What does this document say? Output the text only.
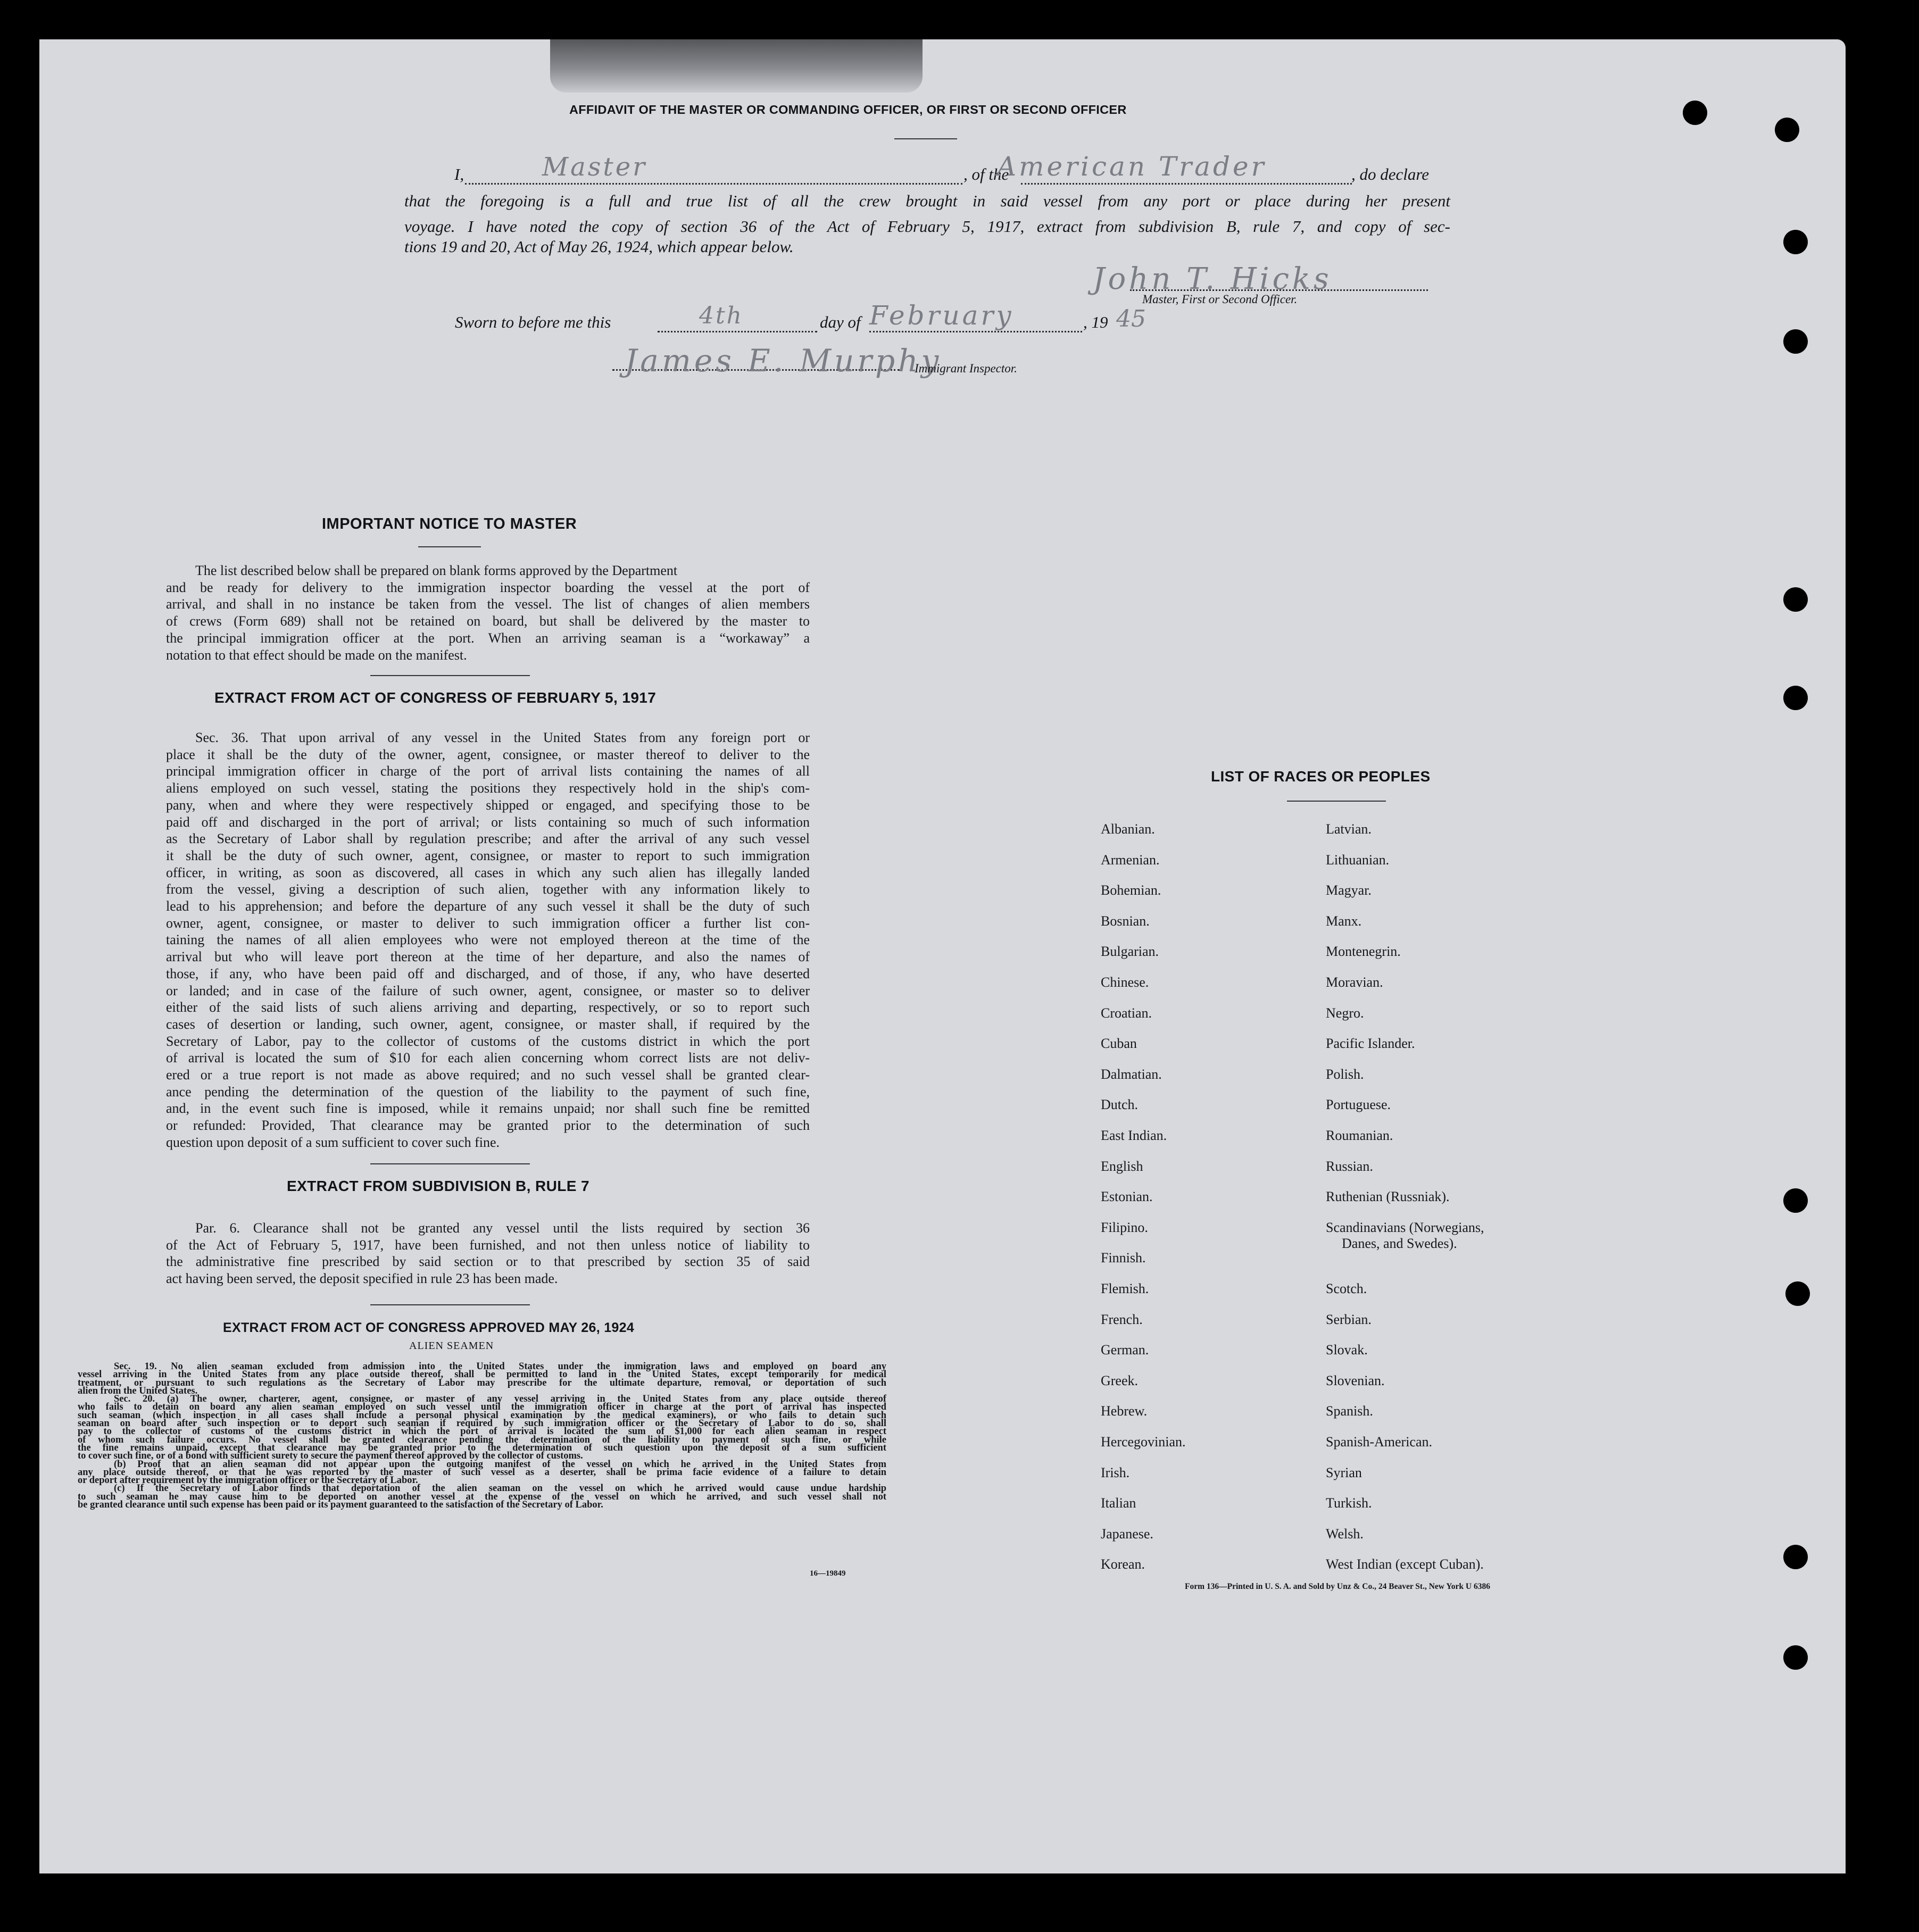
AFFIDAVIT OF THE MASTER OR COMMANDING OFFICER, OR FIRST OR SECOND OFFICER
I,	Master	, of the
American Trader	, do declare
that the foregoing is a full and true list of all the crew brought in said vessel from any port or place during her present
voyage. I have noted the copy of section 36 of the Act of February 5, 1917, extract from subdivision B, rule 7, and copy of sec-
tions 19 and 20, Act of May 26, 1924, which appear below.
John T. Hicks
Master, First or Second Officer.
Sworn to before me this	4th	day of February	, 19 45
James E. Murphy
Immigrant Inspector.
IMPORTANT NOTICE TO MASTER
The list described below shall be prepared on blank forms approved by the Department
and be ready for delivery to the immigration inspector boarding the vessel at the port of
arrival, and shall in no instance be taken from the vessel. The list of changes of alien members
of crews (Form 689) shall not be retained on board, but shall be delivered by the master to
the principal immigration officer at the port. When an arriving seaman is a “workaway” a
notation to that effect should be made on the manifest.
EXTRACT FROM ACT OF CONGRESS OF FEBRUARY 5, 1917
Sec. 36. That upon arrival of any vessel in the United States from any foreign port or
place it shall be the duty of the owner, agent, consignee, or master thereof to deliver to the
principal immigration officer in charge of the port of arrival lists containing the names of all
aliens employed on such vessel, stating the positions they respectively hold in the ship's com-
pany, when and where they were respectively shipped or engaged, and specifying those to be
paid off and discharged in the port of arrival; or lists containing so much of such information
as the Secretary of Labor shall by regulation prescribe; and after the arrival of any such vessel
it shall be the duty of such owner, agent, consignee, or master to report to such immigration
officer, in writing, as soon as discovered, all cases in which any such alien has illegally landed
from the vessel, giving a description of such alien, together with any information likely to
lead to his apprehension; and before the departure of any such vessel it shall be the duty of such
owner, agent, consignee, or master to deliver to such immigration officer a further list con-
taining the names of all alien employees who were not employed thereon at the time of the
arrival but who will leave port thereon at the time of her departure, and also the names of
those, if any, who have been paid off and discharged, and of those, if any, who have deserted
or landed; and in case of the failure of such owner, agent, consignee, or master so to deliver
either of the said lists of such aliens arriving and departing, respectively, or so to report such
cases of desertion or landing, such owner, agent, consignee, or master shall, if required by the
Secretary of Labor, pay to the collector of customs of the customs district in which the port
of arrival is located the sum of $10 for each alien concerning whom correct lists are not deliv-
ered or a true report is not made as above required; and no such vessel shall be granted clear-
ance pending the determination of the question of the liability to the payment of such fine,
and, in the event such fine is imposed, while it remains unpaid; nor shall such fine be remitted
or refunded: Provided, That clearance may be granted prior to the determination of such
question upon deposit of a sum sufficient to cover such fine.
EXTRACT FROM SUBDIVISION B, RULE 7
Par. 6. Clearance shall not be granted any vessel until the lists required by section 36
of the Act of February 5, 1917, have been furnished, and not then unless notice of liability to
the administrative fine prescribed by said section or to that prescribed by section 35 of said
act having been served, the deposit specified in rule 23 has been made.
EXTRACT FROM ACT OF CONGRESS APPROVED MAY 26, 1924
ALIEN SEAMEN
Sec. 19. No alien seaman excluded from admission into the United States under the immigration laws and employed on board any
vessel arriving in the United States from any place outside thereof, shall be permitted to land in the United States, except temporarily for medical
treatment, or pursuant to such regulations as the Secretary of Labor may prescribe for the ultimate departure, removal, or deportation of such
alien from the United States.
Sec. 20. (a) The owner, charterer, agent, consignee, or master of any vessel arriving in the United States from any place outside thereof
who fails to detain on board any alien seaman employed on such vessel until the immigration officer in charge at the port of arrival has inspected
such seaman (which inspection in all cases shall include a personal physical examination by the medical examiners), or who fails to detain such
seaman on board after such inspection or to deport such seaman if required by such immigration officer or the Secretary of Labor to do so, shall
pay to the collector of customs of the customs district in which the port of arrival is located the sum of $1,000 for each alien seaman in respect
of whom such failure occurs. No vessel shall be granted clearance pending the determination of the liability to payment of such fine, or while
the fine remains unpaid, except that clearance may be granted prior to the determination of such question upon the deposit of a sum sufficient
to cover such fine, or of a bond with sufficient surety to secure the payment thereof approved by the collector of customs.
(b) Proof that an alien seaman did not appear upon the outgoing manifest of the vessel on which he arrived in the United States from
any place outside thereof, or that he was reported by the master of such vessel as a deserter, shall be prima facie evidence of a failure to detain
or deport after requirement by the immigration officer or the Secretary of Labor.
(c) If the Secretary of Labor finds that deportation of the alien seaman on the vessel on which he arrived would cause undue hardship
to such seaman he may cause him to be deported on another vessel at the expense of the vessel on which he arrived, and such vessel shall not
be granted clearance until such expense has been paid or its payment guaranteed to the satisfaction of the Secretary of Labor.
16—19849
LIST OF RACES OR PEOPLES
Albanian.
Armenian.
Bohemian.
Bosnian.
Bulgarian.
Chinese.
Croatian.
Cuban
Dalmatian.
Dutch.
East Indian.
English
Estonian.
Filipino.
Finnish.
Flemish.
French.
German.
Greek.
Hebrew.
Hercegovinian.
Irish.
Italian
Japanese.
Korean.
Latvian.
Lithuanian.
Magyar.
Manx.
Montenegrin.
Moravian.
Negro.
Pacific Islander.
Polish.
Portuguese.
Roumanian.
Russian.
Ruthenian (Russniak).
Scandinavians (Norwegians,
Danes, and Swedes).
Scotch.
Serbian.
Slovak.
Slovenian.
Spanish.
Spanish-American.
Syrian
Turkish.
Welsh.
West Indian (except Cuban).
Form 136—Printed in U. S. A. and Sold by Unz & Co., 24 Beaver St., New York U 6386
